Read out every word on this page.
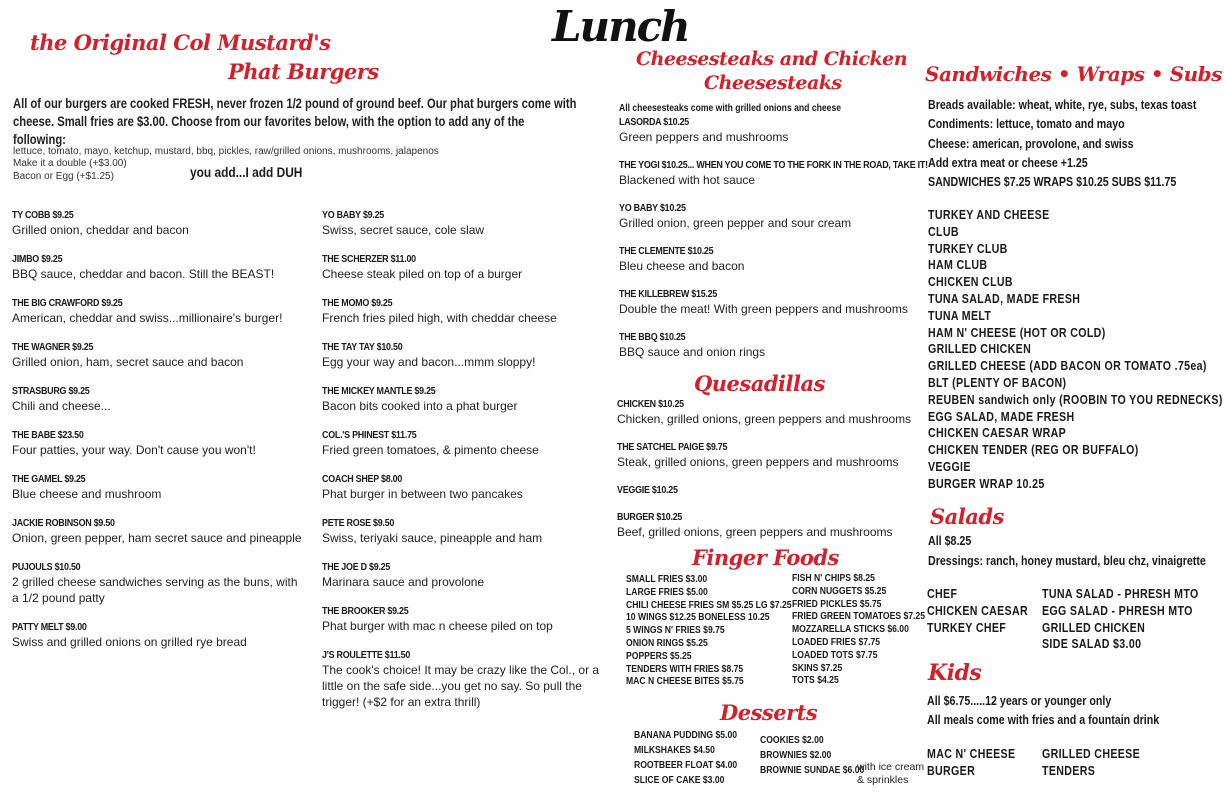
Lunch
the Original Col Mustard's
Phat Burgers
All of our burgers are cooked FRESH, never frozen 1/2 pound of ground beef. Our phat burgers come with cheese. Small fries are $3.00. Choose from our favorites below, with the option to add any of the following:
lettuce, tomato, mayo, ketchup, mustard, bbq, pickles, raw/grilled onions, mushrooms, jalapenos
Make it a double (+$3.00)
Bacon or Egg (+$1.25)	you add...I add DUH
TY COBB $9.25
Grilled onion, cheddar and bacon
JIMBO $9.25
BBQ sauce, cheddar and bacon. Still the BEAST!
THE BIG CRAWFORD $9.25
American, cheddar and swiss...millionaire's burger!
THE WAGNER $9.25
Grilled onion, ham, secret sauce and bacon
STRASBURG $9.25
Chili and cheese...
THE BABE $23.50
Four patties, your way. Don't cause you won't!
THE GAMEL $9.25
Blue cheese and mushroom
JACKIE ROBINSON $9.50
Onion, green pepper, ham secret sauce and pineapple
PUJOULS $10.50
2 grilled cheese sandwiches serving as the buns, with a 1/2 pound patty
PATTY MELT $9.00
Swiss and grilled onions on grilled rye bread
YO BABY $9.25
Swiss, secret sauce, cole slaw
THE SCHERZER $11.00
Cheese steak piled on top of a burger
THE MOMO $9.25
French fries piled high, with cheddar cheese
THE TAY TAY $10.50
Egg your way and bacon...mmm sloppy!
THE MICKEY MANTLE $9.25
Bacon bits cooked into a phat burger
COL.'S PHINEST $11.75
Fried green tomatoes, & pimento cheese
COACH SHEP $8.00
Phat burger in between two pancakes
PETE ROSE $9.50
Swiss, teriyaki sauce, pineapple and ham
THE JOE D $9.25
Marinara sauce and provolone
THE BROOKER $9.25
Phat burger with mac n cheese piled on top
J'S ROULETTE $11.50
The cook's choice! It may be crazy like the Col., or a little on the safe side...you get no say. So pull the trigger! (+$2 for an extra thrill)
Cheesesteaks and Chicken
Cheesesteaks
All cheesesteaks come with grilled onions and cheese
LASORDA $10.25
Green peppers and mushrooms
THE YOGI $10.25... WHEN YOU COME TO THE FORK IN THE ROAD, TAKE IT!
Blackened with hot sauce
YO BABY $10.25
Grilled onion, green pepper and sour cream
THE CLEMENTE $10.25
Bleu cheese and bacon
THE KILLEBREW $15.25
Double the meat! With green peppers and mushrooms
THE BBQ $10.25
BBQ sauce and onion rings
Quesadillas
CHICKEN $10.25
Chicken, grilled onions, green peppers and mushrooms
THE SATCHEL PAIGE $9.75
Steak, grilled onions, green peppers and mushrooms
VEGGIE $10.25
BURGER $10.25
Beef, grilled onions, green peppers and mushrooms
Finger Foods
SMALL FRIES $3.00
LARGE FRIES $5.00
CHILI CHEESE FRIES SM $5.25 LG $7.25
10 WINGS $12.25 BONELESS 10.25
5 WINGS N' FRIES $9.75
ONION RINGS $5.25
POPPERS $5.25
TENDERS WITH FRIES $8.75
MAC N CHEESE BITES $5.75
FISH N' CHIPS $8.25
CORN NUGGETS $5.25
FRIED PICKLES $5.75
FRIED GREEN TOMATOES $7.25
MOZZARELLA STICKS $6.00
LOADED FRIES $7.75
LOADED TOTS $7.75
SKINS $7.25
TOTS $4.25
Desserts
BANANA PUDDING $5.00
MILKSHAKES $4.50
ROOTBEER FLOAT $4.00
SLICE OF CAKE $3.00
COOKIES $2.00
BROWNIES $2.00
BROWNIE SUNDAE $6.00
with ice cream & sprinkles
Sandwiches • Wraps • Subs
Breads available: wheat, white, rye, subs, texas toast
Condiments: lettuce, tomato and mayo
Cheese: american, provolone, and swiss
Add extra meat or cheese +1.25
SANDWICHES $7.25 WRAPS $10.25 SUBS $11.75
TURKEY AND CHEESE
CLUB
TURKEY CLUB
HAM CLUB
CHICKEN CLUB
TUNA SALAD, MADE FRESH
TUNA MELT
HAM N' CHEESE (HOT OR COLD)
GRILLED CHICKEN
GRILLED CHEESE (ADD BACON OR TOMATO .75ea)
BLT (PLENTY OF BACON)
REUBEN sandwich only (ROOBIN TO YOU REDNECKS)
EGG SALAD, MADE FRESH
CHICKEN CAESAR WRAP
CHICKEN TENDER (REG OR BUFFALO)
VEGGIE
BURGER WRAP 10.25
Salads
All $8.25
Dressings: ranch, honey mustard, bleu chz, vinaigrette
CHEF
CHICKEN CAESAR
TURKEY CHEF
TUNA SALAD - PHRESH MTO
EGG SALAD - PHRESH MTO
GRILLED CHICKEN
SIDE SALAD $3.00
Kids
All $6.75.....12 years or younger only
All meals come with fries and a fountain drink
MAC N' CHEESE
BURGER
GRILLED CHEESE
TENDERS
